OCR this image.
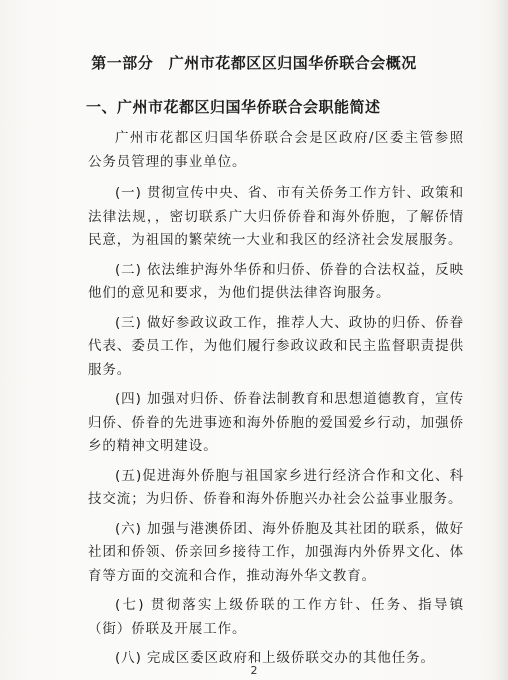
第一部分　广州市花都区区归国华侨联合会概况
一、广州市花都区归国华侨联合会职能简述

广州市花都区归国华侨联合会是区政府/区委主管参照公务员管理的事业单位。

(一) 贯彻宣传中央、省、市有关侨务工作方针、政策和法律法规，，密切联系广大归侨侨眷和海外侨胞，了解侨情民意，为祖国的繁荣统一大业和我区的经济社会发展服务。

(二) 依法维护海外华侨和归侨、侨眷的合法权益，反映他们的意见和要求，为他们提供法律咨询服务。

(三) 做好参政议政工作，推荐人大、政协的归侨、侨眷代表、委员工作，为他们履行参政议政和民主监督职责提供服务。

(四) 加强对归侨、侨眷法制教育和思想道德教育，宣传归侨、侨眷的先进事迹和海外侨胞的爱国爱乡行动，加强侨乡的精神文明建设。

(五)促进海外侨胞与祖国家乡进行经济合作和文化、科技交流；为归侨、侨眷和海外侨胞兴办社会公益事业服务。

(六) 加强与港澳侨团、海外侨胞及其社团的联系，做好社团和侨领、侨亲回乡接待工作，加强海内外侨界文化、体育等方面的交流和合作，推动海外华文教育。

(七) 贯彻落实上级侨联的工作方针、任务、指导镇（街）侨联及开展工作。

(八) 完成区委区政府和上级侨联交办的其他任务。

2
